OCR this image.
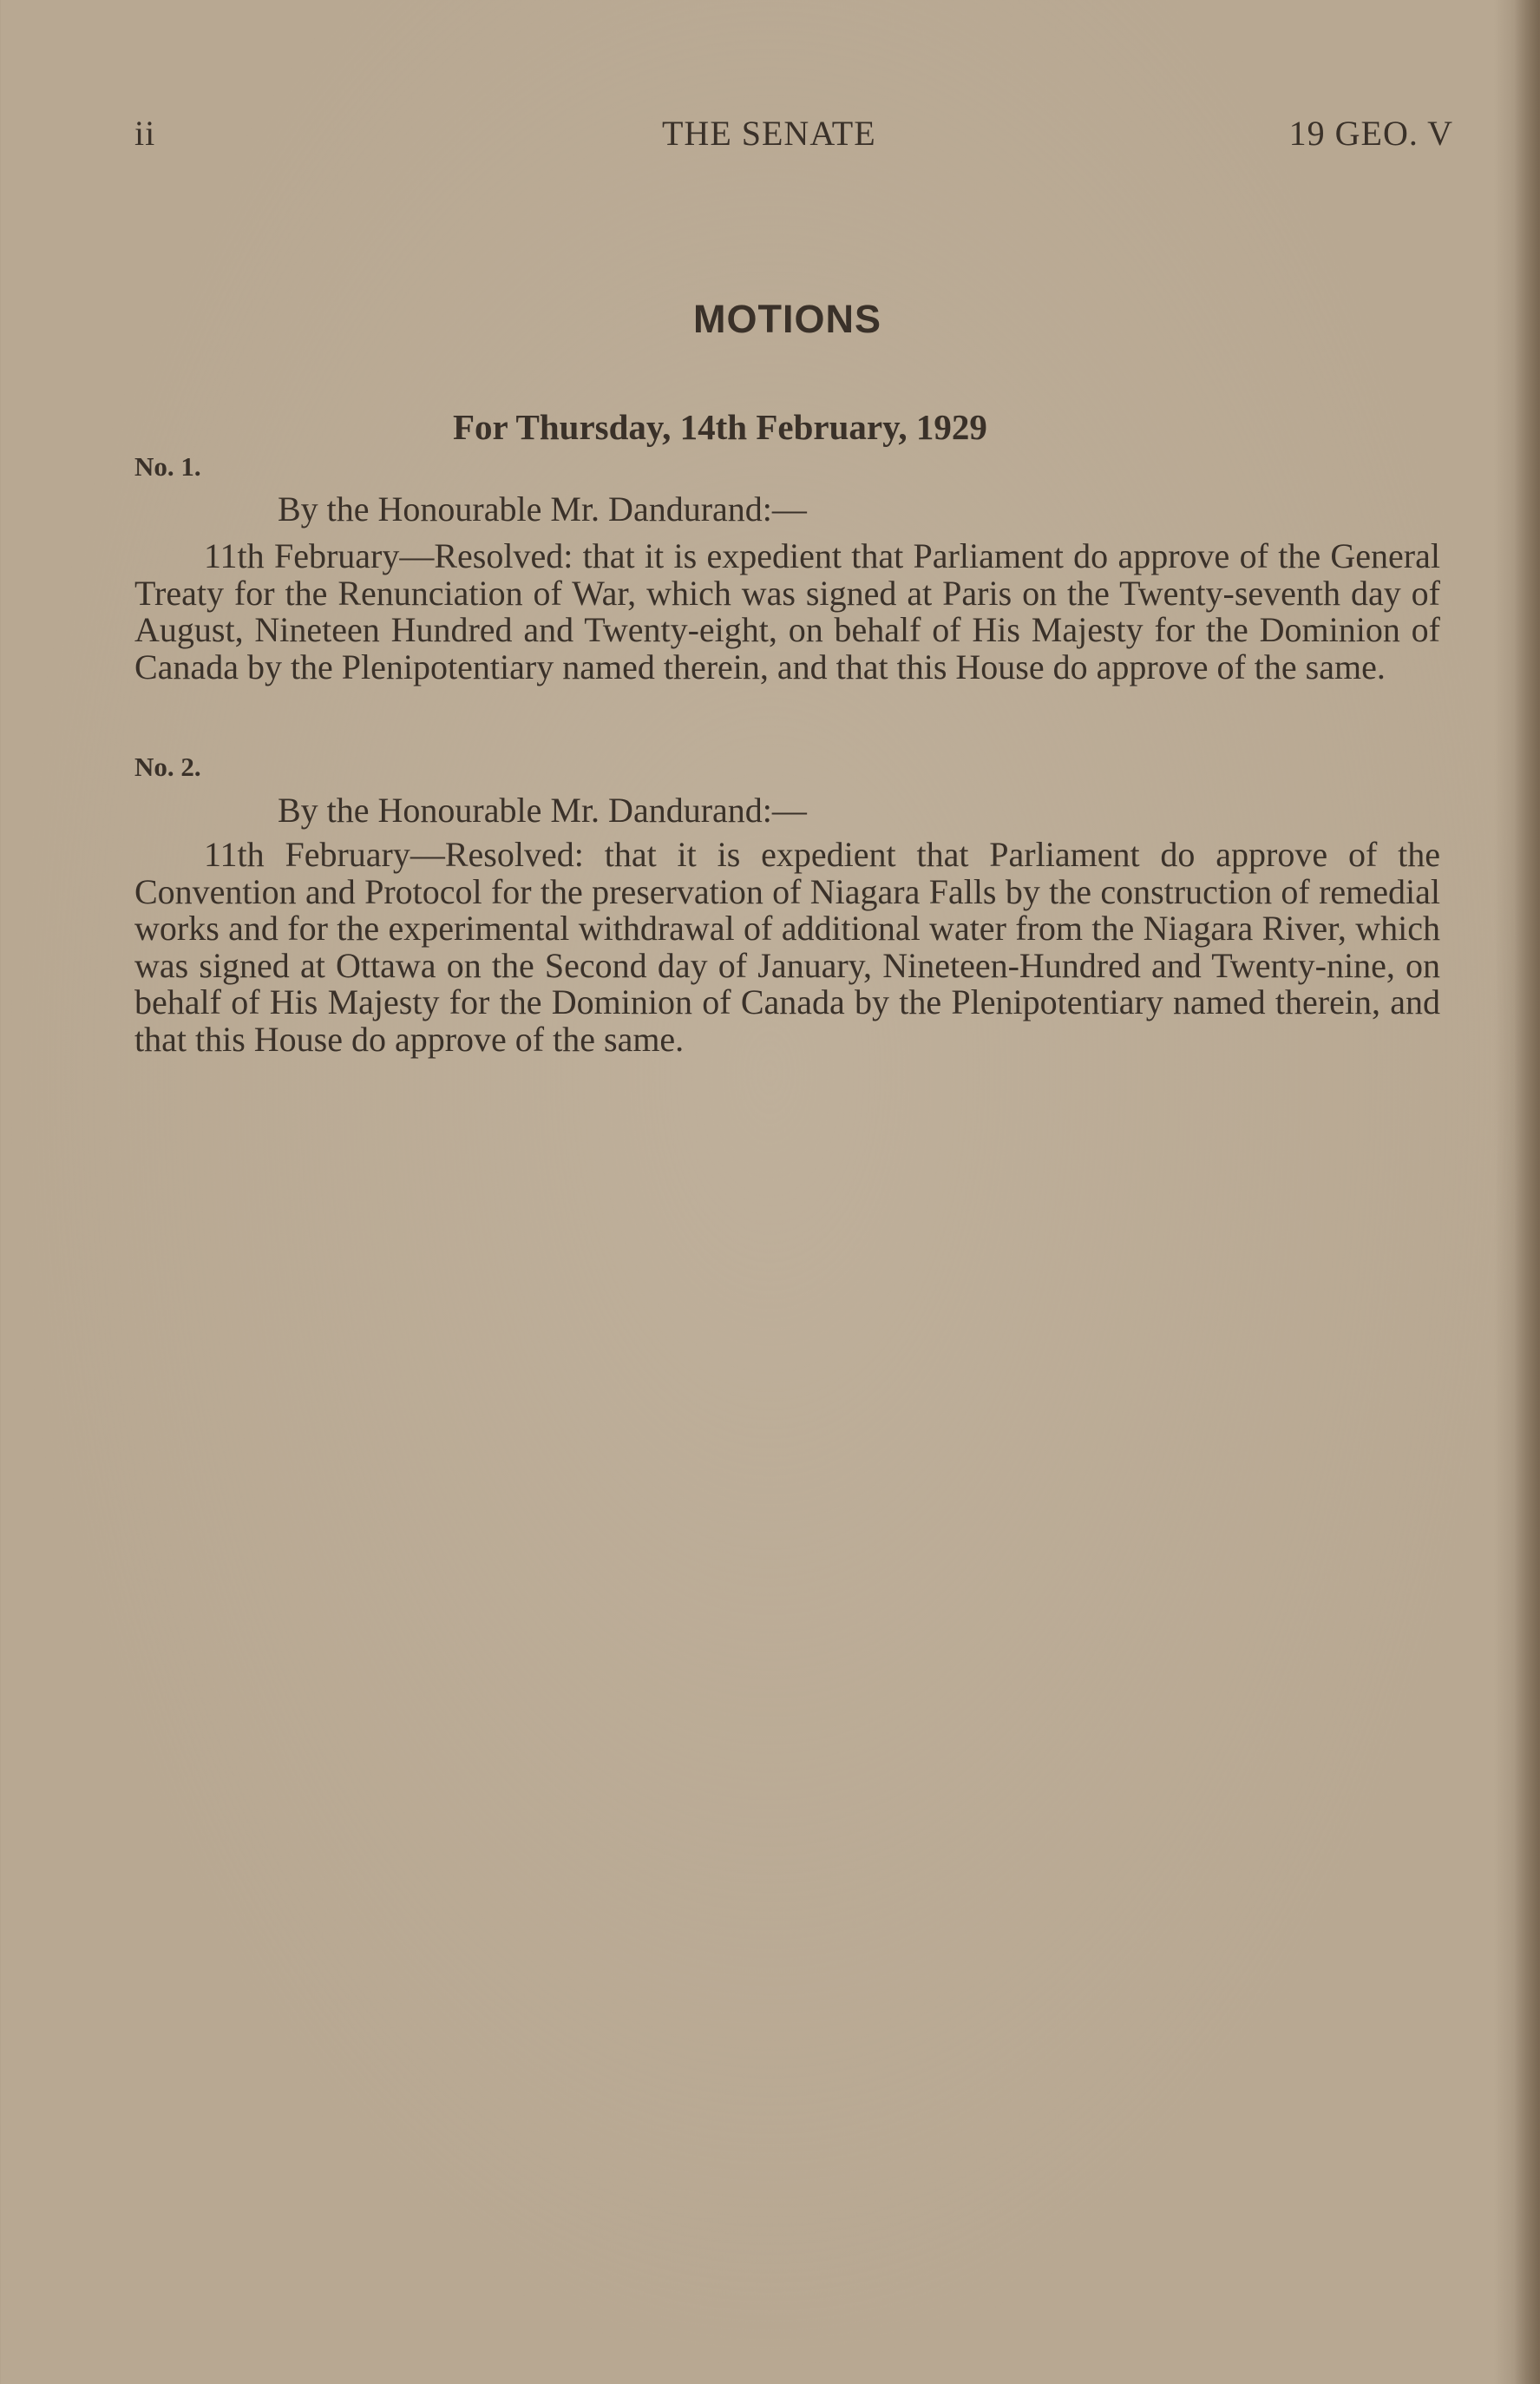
ii	THE SENATE	19 GEO. V
MOTIONS
For Thursday, 14th February, 1929
No. 1.
By the Honourable Mr. Dandurand:—

11th February—Resolved: that it is expedient that Parliament do approve of the General Treaty for the Renunciation of War, which was signed at Paris on the Twenty-seventh day of August, Nineteen Hundred and Twenty-eight, on behalf of His Majesty for the Dominion of Canada by the Plenipotentiary named therein, and that this House do approve of the same.

No. 2.
By the Honourable Mr. Dandurand:—

11th February—Resolved: that it is expedient that Parliament do approve of the Convention and Protocol for the preservation of Niagara Falls by the construction of remedial works and for the experimental withdrawal of additional water from the Niagara River, which was signed at Ottawa on the Second day of January, Nineteen-Hundred and Twenty-nine, on behalf of His Majesty for the Dominion of Canada by the Plenipotentiary named therein, and that this House do approve of the same.
